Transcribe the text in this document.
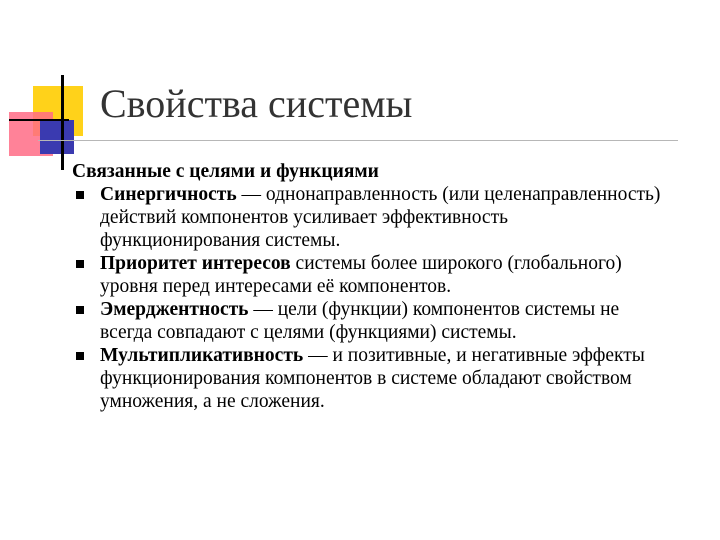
Свойства системы

Связанные с целями и функциями

Синергичность — однонаправленность (или целенаправленность) действий компонентов усиливает эффективность функционирования системы.
Приоритет интересов системы более широкого (глобального) уровня перед интересами её компонентов.
Эмерджентность — цели (функции) компонентов системы не всегда совпадают с целями (функциями) системы.
Мультипликативность — и позитивные, и негативные эффекты функционирования компонентов в системе обладают свойством умножения, а не сложения.
